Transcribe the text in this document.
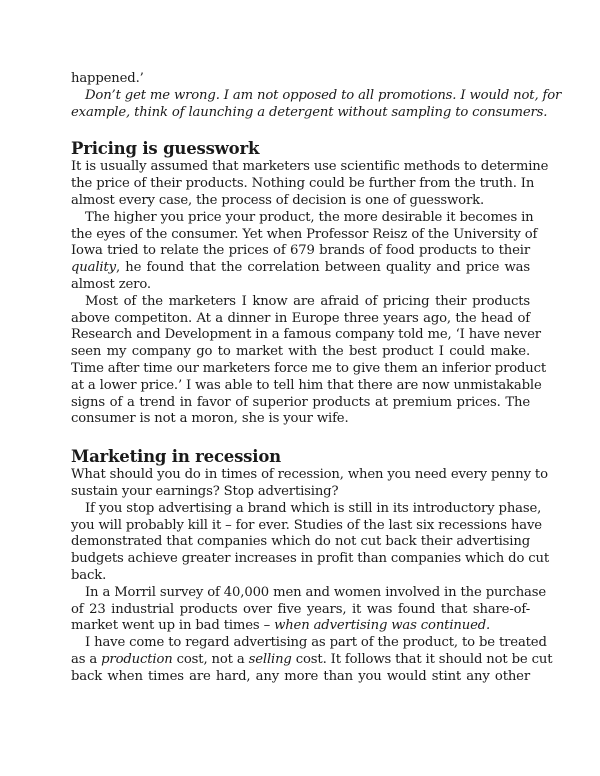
happened.’

Don’t get me wrong. I am not opposed to all promotions. I would not, for
example, think of launching a detergent without sampling to consumers.

Pricing is guesswork

It is usually assumed that marketers use scientific methods to determine
the price of their products. Nothing could be further from the truth. In
almost every case, the process of decision is one of guesswork.

The higher you price your product, the more desirable it becomes in
the eyes of the consumer. Yet when Professor Reisz of the University of
Iowa tried to relate the prices of 679 brands of food products to their
quality, he found that the correlation between quality and price was
almost zero.

Most of the marketers I know are afraid of pricing their products
above competiton. At a dinner in Europe three years ago, the head of
Research and Development in a famous company told me, ‘I have never
seen my company go to market with the best product I could make.
Time after time our marketers force me to give them an inferior product
at a lower price.’ I was able to tell him that there are now unmistakable
signs of a trend in favor of superior products at premium prices. The
consumer is not a moron, she is your wife.

Marketing in recession

What should you do in times of recession, when you need every penny to
sustain your earnings? Stop advertising?

If you stop advertising a brand which is still in its introductory phase,
you will probably kill it – for ever. Studies of the last six recessions have
demonstrated that companies which do not cut back their advertising
budgets achieve greater increases in profit than companies which do cut
back.

In a Morril survey of 40,000 men and women involved in the purchase
of 23 industrial products over five years, it was found that share-of-
market went up in bad times – when advertising was continued.

I have come to regard advertising as part of the product, to be treated
as a production cost, not a selling cost. It follows that it should not be cut
back when times are hard, any more than you would stint any other
